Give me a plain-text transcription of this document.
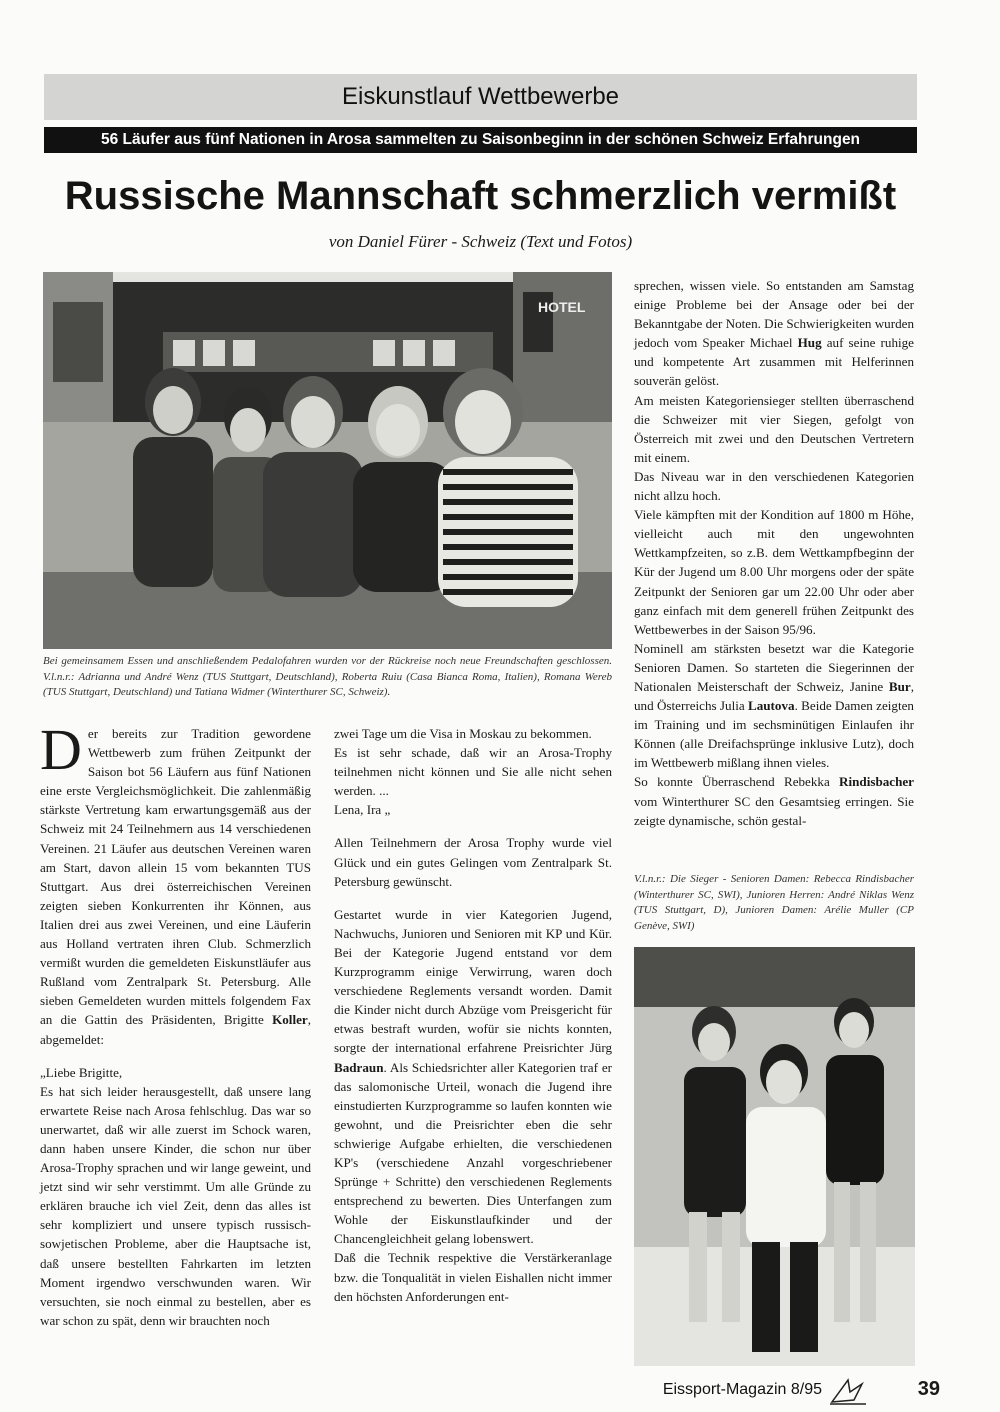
Eiskunstlauf Wettbewerbe
56 Läufer aus fünf Nationen in Arosa sammelten zu Saisonbeginn in der schönen Schweiz Erfahrungen
Russische Mannschaft schmerzlich vermißt
von Daniel Fürer - Schweiz (Text und Fotos)
HOTEL
Bei gemeinsamem Essen und anschließendem Pedalofahren wurden vor der Rückreise noch neue Freundschaften geschlossen. V.l.n.r.: Adrianna und André Wenz (TUS Stuttgart, Deutschland), Roberta Ruiu (Casa Bianca Roma, Italien), Romana Wereb (TUS Stuttgart, Deutschland) und Tatiana Widmer (Winterthurer SC, Schweiz).

Der bereits zur Tradition gewordene Wettbewerb zum frühen Zeitpunkt der Saison bot 56 Läufern aus fünf Nationen eine erste Vergleichsmöglichkeit. Die zahlenmäßig stärkste Vertretung kam erwartungsgemäß aus der Schweiz mit 24 Teilnehmern aus 14 verschiedenen Vereinen. 21 Läufer aus deutschen Vereinen waren am Start, davon allein 15 vom bekannten TUS Stuttgart. Aus drei österreichischen Vereinen zeigten sieben Konkurrenten ihr Können, aus Italien drei aus zwei Vereinen, und eine Läuferin aus Holland vertraten ihren Club. Schmerzlich vermißt wurden die gemeldeten Eiskunstläufer aus Rußland vom Zentralpark St. Petersburg. Alle sieben Gemeldeten wurden mittels folgendem Fax an die Gattin des Präsidenten, Brigitte Koller, abgemeldet:

„Liebe Brigitte,

Es hat sich leider herausgestellt, daß unsere lang erwartete Reise nach Arosa fehlschlug. Das war so unerwartet, daß wir alle zuerst im Schock waren, dann haben unsere Kinder, die schon nur über Arosa-Trophy sprachen und wir lange geweint, und jetzt sind wir sehr verstimmt. Um alle Gründe zu erklären brauche ich viel Zeit, denn das alles ist sehr kompliziert und unsere typisch russisch-sowjetischen Probleme, aber die Hauptsache ist, daß unsere bestellten Fahrkarten im letzten Moment irgendwo verschwunden waren. Wir versuchten, sie noch einmal zu bestellen, aber es war schon zu spät, denn wir brauchten noch

zwei Tage um die Visa in Moskau zu bekommen.

Es ist sehr schade, daß wir an Arosa-Trophy teilnehmen nicht können und Sie alle nicht sehen werden. ...

Lena, Ira „

Allen Teilnehmern der Arosa Trophy wurde viel Glück und ein gutes Gelingen vom Zentralpark St. Petersburg gewünscht.

Gestartet wurde in vier Kategorien Jugend, Nachwuchs, Junioren und Senioren mit KP und Kür. Bei der Kategorie Jugend entstand vor dem Kurzprogramm einige Verwirrung, waren doch verschiedene Reglements versandt worden. Damit die Kinder nicht durch Abzüge vom Preisgericht für etwas bestraft wurden, wofür sie nichts konnten, sorgte der international erfahrene Preisrichter Jürg Badraun. Als Schiedsrichter aller Kategorien traf er das salomonische Urteil, wonach die Jugend ihre einstudierten Kurzprogramme so laufen konnten wie gewohnt, und die Preisrichter eben die sehr schwierige Aufgabe erhielten, die verschiedenen KP's (verschiedene Anzahl vorgeschriebener Sprünge + Schritte) den verschiedenen Reglements entsprechend zu bewerten. Dies Unterfangen zum Wohle der Eiskunstlaufkinder und der Chancengleichheit gelang lobenswert.

Daß die Technik respektive die Verstärkeranlage bzw. die Tonqualität in vielen Eishallen nicht immer den höchsten Anforderungen ent-

sprechen, wissen viele. So entstanden am Samstag einige Probleme bei der Ansage oder bei der Bekanntgabe der Noten. Die Schwierigkeiten wurden jedoch vom Speaker Michael Hug auf seine ruhige und kompetente Art zusammen mit Helferinnen souverän gelöst.

Am meisten Kategoriensieger stellten überraschend die Schweizer mit vier Siegen, gefolgt von Österreich mit zwei und den Deutschen Vertretern mit einem.

Das Niveau war in den verschiedenen Kategorien nicht allzu hoch.

Viele kämpften mit der Kondition auf 1800 m Höhe, vielleicht auch mit den ungewohnten Wettkampfzeiten, so z.B. dem Wettkampfbeginn der Kür der Jugend um 8.00 Uhr morgens oder der späte Zeitpunkt der Senioren gar um 22.00 Uhr oder aber ganz einfach mit dem generell frühen Zeitpunkt des Wettbewerbes in der Saison 95/96.

Nominell am stärksten besetzt war die Kategorie Senioren Damen. So starteten die Siegerinnen der Nationalen Meisterschaft der Schweiz, Janine Bur, und Österreichs Julia Lautova. Beide Damen zeigten im Training und im sechsminütigen Einlaufen ihr Können (alle Dreifachsprünge inklusive Lutz), doch im Wettbewerb mißlang ihnen vieles.

So konnte Überraschend Rebekka Rindisbacher vom Winterthurer SC den Gesamtsieg erringen. Sie zeigte dynamische, schön gestal-

V.l.n.r.: Die Sieger - Senioren Damen: Rebecca Rindisbacher (Winterthurer SC, SWI), Junioren Herren: André Niklas Wenz (TUS Stuttgart, D), Junioren Damen: Arélie Muller (CP Genève, SWI)
Eissport-Magazin 8/95	39
